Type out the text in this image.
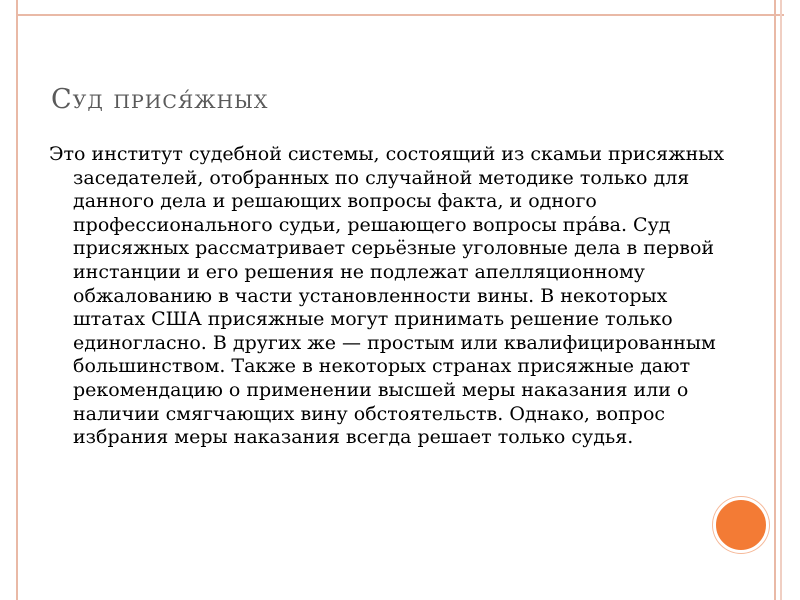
Суд прися́жных

Это институт судебной системы, состоящий из скамьи присяжных заседателей, отобранных по случайной методике только для данного дела и решающих вопросы факта, и одного профессионального судьи, решающего вопросы пра́ва. Суд присяжных рассматривает серьёзные уголовные дела в первой инстанции и его решения не подлежат апелляционному обжалованию в части установленности вины. В некоторых штатах США присяжные могут принимать решение только единогласно. В других же — простым или квалифицированным большинством. Также в некоторых странах присяжные дают рекомендацию о применении высшей меры наказания или о наличии смягчающих вину обстоятельств. Однако, вопрос избрания меры наказания всегда решает только судья.
